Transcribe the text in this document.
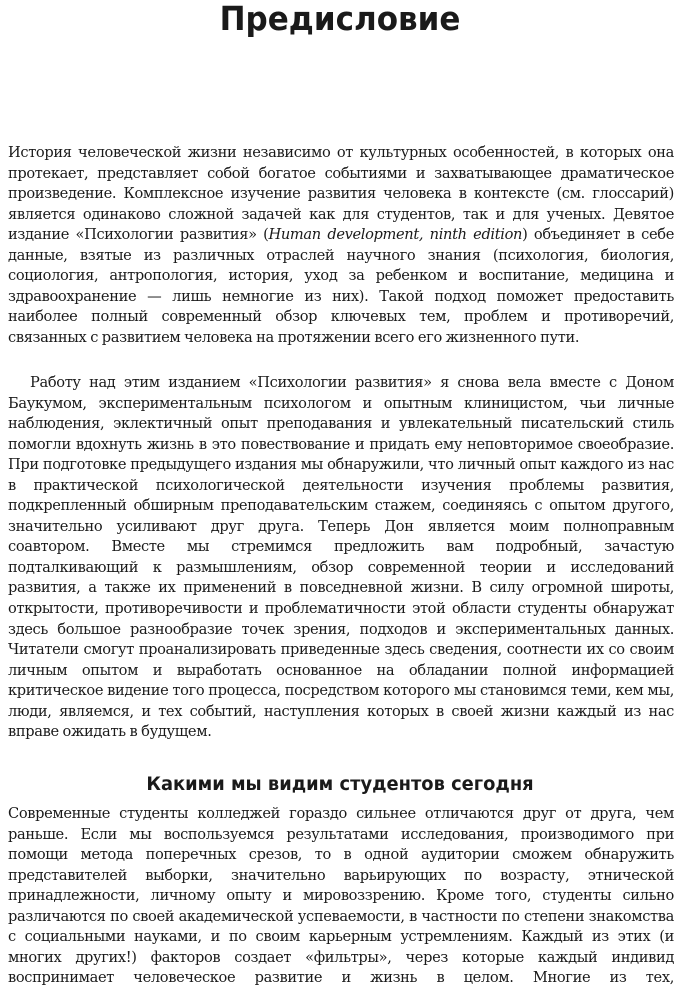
Предисловие

История человеческой жизни независимо от культурных особенностей, в которых она протекает, представляет собой богатое событиями и захватывающее драматическое произведение. Комплексное изучение развития человека в контексте (см. глоссарий) является одинаково сложной задачей как для студентов, так и для ученых. Девятое издание «Психологии развития» (Human development, ninth edition) объединяет в себе данные, взятые из различных отраслей научного знания (психология, биология, социология, антропология, история, уход за ребенком и воспитание, медицина и здравоохранение — лишь немногие из них). Такой подход поможет предоставить наиболее полный современный обзор ключевых тем, проблем и противоречий, связанных с развитием человека на протяжении всего его жизненного пути.

Работу над этим изданием «Психологии развития» я снова вела вместе с Доном Баукумом, экспериментальным психологом и опытным клиницистом, чьи личные наблюдения, эклектичный опыт преподавания и увлекательный писательский стиль помогли вдохнуть жизнь в это повествование и придать ему неповторимое своеобразие. При подготовке предыдущего издания мы обнаружили, что личный опыт каждого из нас в практической психологической деятельности изучения проблемы развития, подкрепленный обширным преподавательским стажем, соединяясь с опытом другого, значительно усиливают друг друга. Теперь Дон является моим полноправным соавтором. Вместе мы стремимся предложить вам подробный, зачастую подталкивающий к размышлениям, обзор современной теории и исследований развития, а также их применений в повседневной жизни. В силу огромной широты, открытости, противоречивости и проблематичности этой области студенты обнаружат здесь большое разнообразие точек зрения, подходов и экспериментальных данных. Читатели смогут проанализировать приведенные здесь сведения, соотнести их со своим личным опытом и выработать основанное на обладании полной информацией критическое видение того процесса, посредством которого мы становимся теми, кем мы, люди, являемся, и тех событий, наступления которых в своей жизни каждый из нас вправе ожидать в будущем.

Какими мы видим студентов сегодня

Современные студенты колледжей гораздо сильнее отличаются друг от друга, чем раньше. Если мы воспользуемся результатами исследования, производимого при помощи метода поперечных срезов, то в одной аудитории сможем обнаружить представителей выборки, значительно варьирующих по возрасту, этнической принадлежности, личному опыту и мировоззрению. Кроме того, студенты сильно различаются по своей академической успеваемости, в частности по степени знакомства с социальными науками, и по своим карьерным устремлениям. Каждый из этих (и многих других!) факторов создает «фильтры», через которые каждый индивид воспринимает человеческое развитие и жизнь в целом. Многие из тех,
